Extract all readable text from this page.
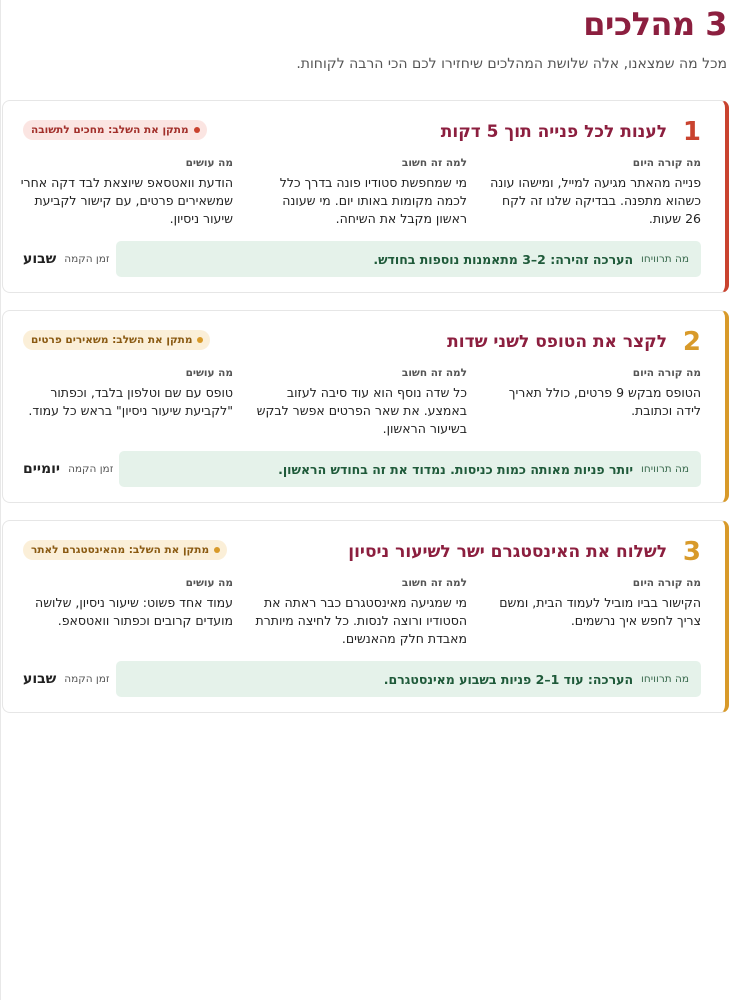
3 מהלכים

מכל מה שמצאנו, אלה שלושת המהלכים שיחזירו לכם הכי הרבה לקוחות.

1
לענות לכל פנייה תוך 5 דקות
מתקן את השלב: מחכים לתשובה
מה קורה היום
פנייה מהאתר מגיעה למייל, ומישהו עונה כשהוא מתפנה. בבדיקה שלנו זה לקח 26 שעות.
למה זה חשוב
מי שמחפשת סטודיו פונה בדרך כלל לכמה מקומות באותו יום. מי שעונה ראשון מקבל את השיחה.
מה עושים
הודעת וואטסאפ שיוצאת לבד דקה אחרי שמשאירים פרטים, עם קישור לקביעת שיעור ניסיון.
מה תרוויחו
הערכה זהירה: 2–3 מתאמנות נוספות בחודש.
זמן הקמה
שבוע
2
לקצר את הטופס לשני שדות
מתקן את השלב: משאירים פרטים
מה קורה היום
הטופס מבקש 9 פרטים, כולל תאריך לידה וכתובת.
למה זה חשוב
כל שדה נוסף הוא עוד סיבה לעזוב באמצע. את שאר הפרטים אפשר לבקש בשיעור הראשון.
מה עושים
טופס עם שם וטלפון בלבד, וכפתור "לקביעת שיעור ניסיון" בראש כל עמוד.
מה תרוויחו
יותר פניות מאותה כמות כניסות. נמדוד את זה בחודש הראשון.
זמן הקמה
יומיים
3
לשלוח את האינסטגרם ישר לשיעור ניסיון
מתקן את השלב: מהאינסטגרם לאתר
מה קורה היום
הקישור בביו מוביל לעמוד הבית, ומשם צריך לחפש איך נרשמים.
למה זה חשוב
מי שמגיעה מאינסטגרם כבר ראתה את הסטודיו ורוצה לנסות. כל לחיצה מיותרת מאבדת חלק מהאנשים.
מה עושים
עמוד אחד פשוט: שיעור ניסיון, שלושה מועדים קרובים וכפתור וואטסאפ.
מה תרוויחו
הערכה: עוד 1–2 פניות בשבוע מאינסטגרם.
זמן הקמה
שבוע
